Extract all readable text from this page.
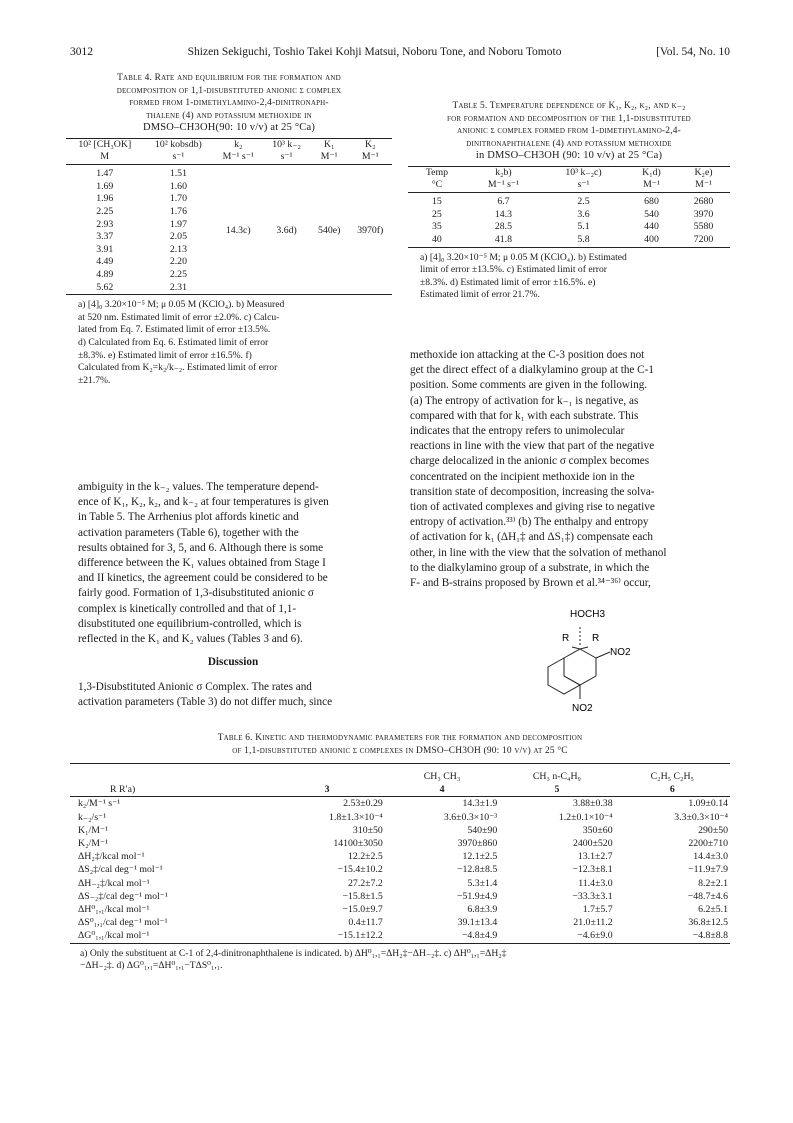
3012	Shizen Sekiguchi, Toshio Takei Kohji Matsui, Noboru Tone, and Noboru Tomoto	[Vol. 54, No. 10
Table 4. Rate and equilibrium for the formation and
decomposition of 1,1-disubstituted anionic σ complex
formed from 1-dimethylamino-2,4-dinitronaph-
thalene (4) and potassium methoxide in
DMSO–CH3OH(90: 10 v/v) at 25 °Ca)
10² [CH₃OK]	10² kobsdb)	k₂	10³ k₋₂	K₁	K₂
M	s⁻¹	M⁻¹ s⁻¹	s⁻¹	M⁻¹	M⁻¹

1.47	1.51				
1.69	1.60				
1.96	1.70				
2.25	1.76				
2.93	1.97	14.3c)	3.6d)	540e)	3970f)
3.37	2.05				
3.91	2.13				
4.49	2.20				
4.89	2.25				
5.62	2.31				
a) [4]₀ 3.20×10⁻⁵ M; μ 0.05 M (KClO₄). b) Measured
at 520 nm. Estimated limit of error ±2.0%. c) Calcu-
lated from Eq. 7. Estimated limit of error ±13.5%.
d) Calculated from Eq. 6. Estimated limit of error
±8.3%. e) Estimated limit of error ±16.5%. f)
Calculated from K₂=k₂/k₋₂. Estimated limit of error
±21.7%.
ambiguity in the k₋₂ values. The temperature depend-
ence of K₁, K₂, k₂, and k₋₂ at four temperatures is given
in Table 5. The Arrhenius plot affords kinetic and
activation parameters (Table 6), together with the
results obtained for 3, 5, and 6. Although there is some
difference between the K₁ values obtained from Stage I
and II kinetics, the agreement could be considered to be
fairly good. Formation of 1,3-disubstituted anionic σ
complex is kinetically controlled and that of 1,1-
disubstituted one equilibrium-controlled, which is
reflected in the K₁ and K₂ values (Tables 3 and 6).
Discussion
1,3-Disubstituted Anionic σ Complex. The rates and
activation parameters (Table 3) do not differ much, since
Table 5. Temperature dependence of K₁, K₂, k₂, and k₋₂
for formation and decomposition of the 1,1-disubstituted
anionic σ complex formed from 1-dimethylamino-2,4-
dinitronaphthalene (4) and potassium methoxide
in DMSO–CH3OH (90: 10 v/v) at 25 °Ca)
Temp	k₂b)	10³ k₋₂c)	K₁d)	K₂e)
°C	M⁻¹ s⁻¹	s⁻¹	M⁻¹	M⁻¹

15	6.7	2.5	680	2680
25	14.3	3.6	540	3970
35	28.5	5.1	440	5580
40	41.8	5.8	400	7200
a) [4]₀ 3.20×10⁻⁵ M; μ 0.05 M (KClO₄). b) Estimated
limit of error ±13.5%. c) Estimated limit of error
±8.3%. d) Estimated limit of error ±16.5%. e)
Estimated limit of error 21.7%.
methoxide ion attacking at the C-3 position does not
get the direct effect of a dialkylamino group at the C-1
position. Some comments are given in the following.
(a) The entropy of activation for k₋₁ is negative, as
compared with that for k₁ with each substrate. This
indicates that the entropy refers to unimolecular
reactions in line with the view that part of the negative
charge delocalized in the anionic σ complex becomes
concentrated on the incipient methoxide ion in the
transition state of decomposition, increasing the solva-
tion of activated complexes and giving rise to negative
entropy of activation.³³⁾ (b) The enthalpy and entropy
of activation for k₁ (ΔH₁‡ and ΔS₁‡) compensate each
other, in line with the view that the solvation of methanol
to the dialkylamino group of a substrate, in which the
F- and B-strains proposed by Brown et al.³⁴⁻³⁶⁾ occur,
HOCH3
R R
NO2
NO2
Table 6. Kinetic and thermodynamic parameters for the formation and decomposition
of 1,1-disubstituted anionic σ complexes in DMSO–CH3OH (90: 10 v/v) at 25 °C

		CH₃ CH₃	CH₃ n-C₄H₉	C₂H₅ C₂H₅
R R′a)	3	4	5	6
k₂/M⁻¹ s⁻¹	2.53±0.29	14.3±1.9	3.88±0.38	1.09±0.14
k₋₂/s⁻¹	1.8±1.3×10⁻⁴	3.6±0.3×10⁻³	1.2±0.1×10⁻⁴	3.3±0.3×10⁻⁴
K₁/M⁻¹	310±50	540±90	350±60	290±50
K₂/M⁻¹	14100±3050	3970±860	2400±520	2200±710
ΔH₂‡/kcal mol⁻¹	12.2±2.5	12.1±2.5	13.1±2.7	14.4±3.0
ΔS₂‡/cal deg⁻¹ mol⁻¹	−15.4±10.2	−12.8±8.5	−12.3±8.1	−11.9±7.9
ΔH₋₂‡/kcal mol⁻¹	27.2±7.2	5.3±1.4	11.4±3.0	8.2±2.1
ΔS₋₂‡/cal deg⁻¹ mol⁻¹	−15.8±1.5	−51.9±4.9	−33.3±3.1	−48.7±4.6
ΔH⁰₁,₁/kcal mol⁻¹	−15.0±9.7	6.8±3.9	1.7±5.7	6.2±5.1
ΔS⁰₁,₁/cal deg⁻¹ mol⁻¹	0.4±11.7	39.1±13.4	21.0±11.2	36.8±12.5
ΔG⁰₁,₁/kcal mol⁻¹	−15.1±12.2	−4.8±4.9	−4.6±9.0	−4.8±8.8
a) Only the substituent at C-1 of 2,4-dinitronaphthalene is indicated. b) ΔH⁰₁,₁=ΔH₂‡−ΔH₋₂‡. c) ΔH⁰₁,₁=ΔH₂‡
−ΔH₋₂‡. d) ΔG⁰₁,₁=ΔH⁰₁,₁−TΔS⁰₁,₁.
